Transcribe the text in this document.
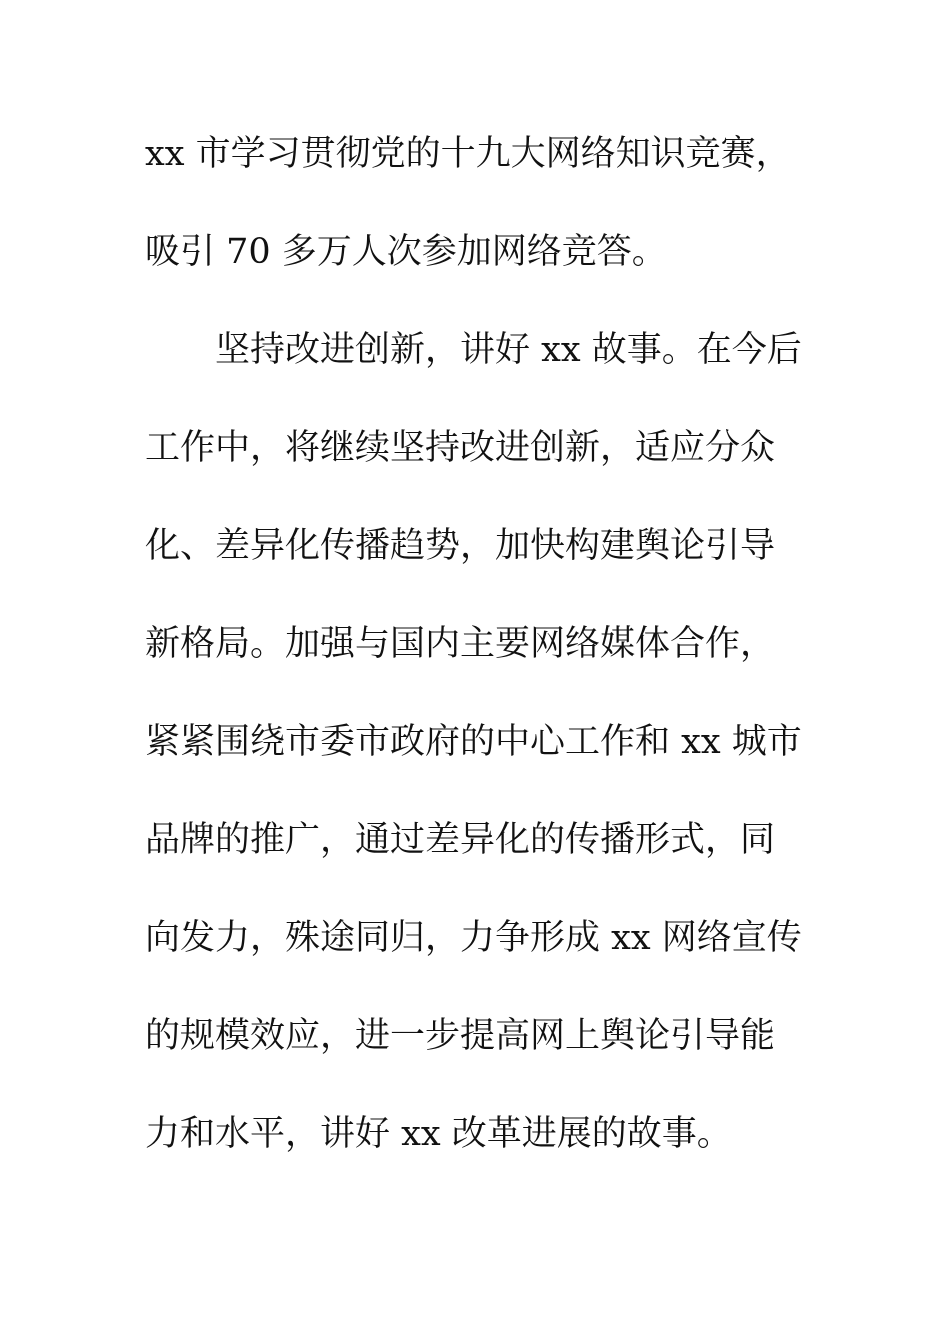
xx 市学习贯彻党的十九大网络知识竞赛，
吸引 70 多万人次参加网络竞答。
坚持改进创新，讲好 xx 故事。在今后
工作中，将继续坚持改进创新，适应分众
化、差异化传播趋势，加快构建舆论引导
新格局。加强与国内主要网络媒体合作，
紧紧围绕市委市政府的中心工作和 xx 城市
品牌的推广，通过差异化的传播形式，同
向发力，殊途同归，力争形成 xx 网络宣传
的规模效应，进一步提高网上舆论引导能
力和水平，讲好 xx 改革进展的故事。
